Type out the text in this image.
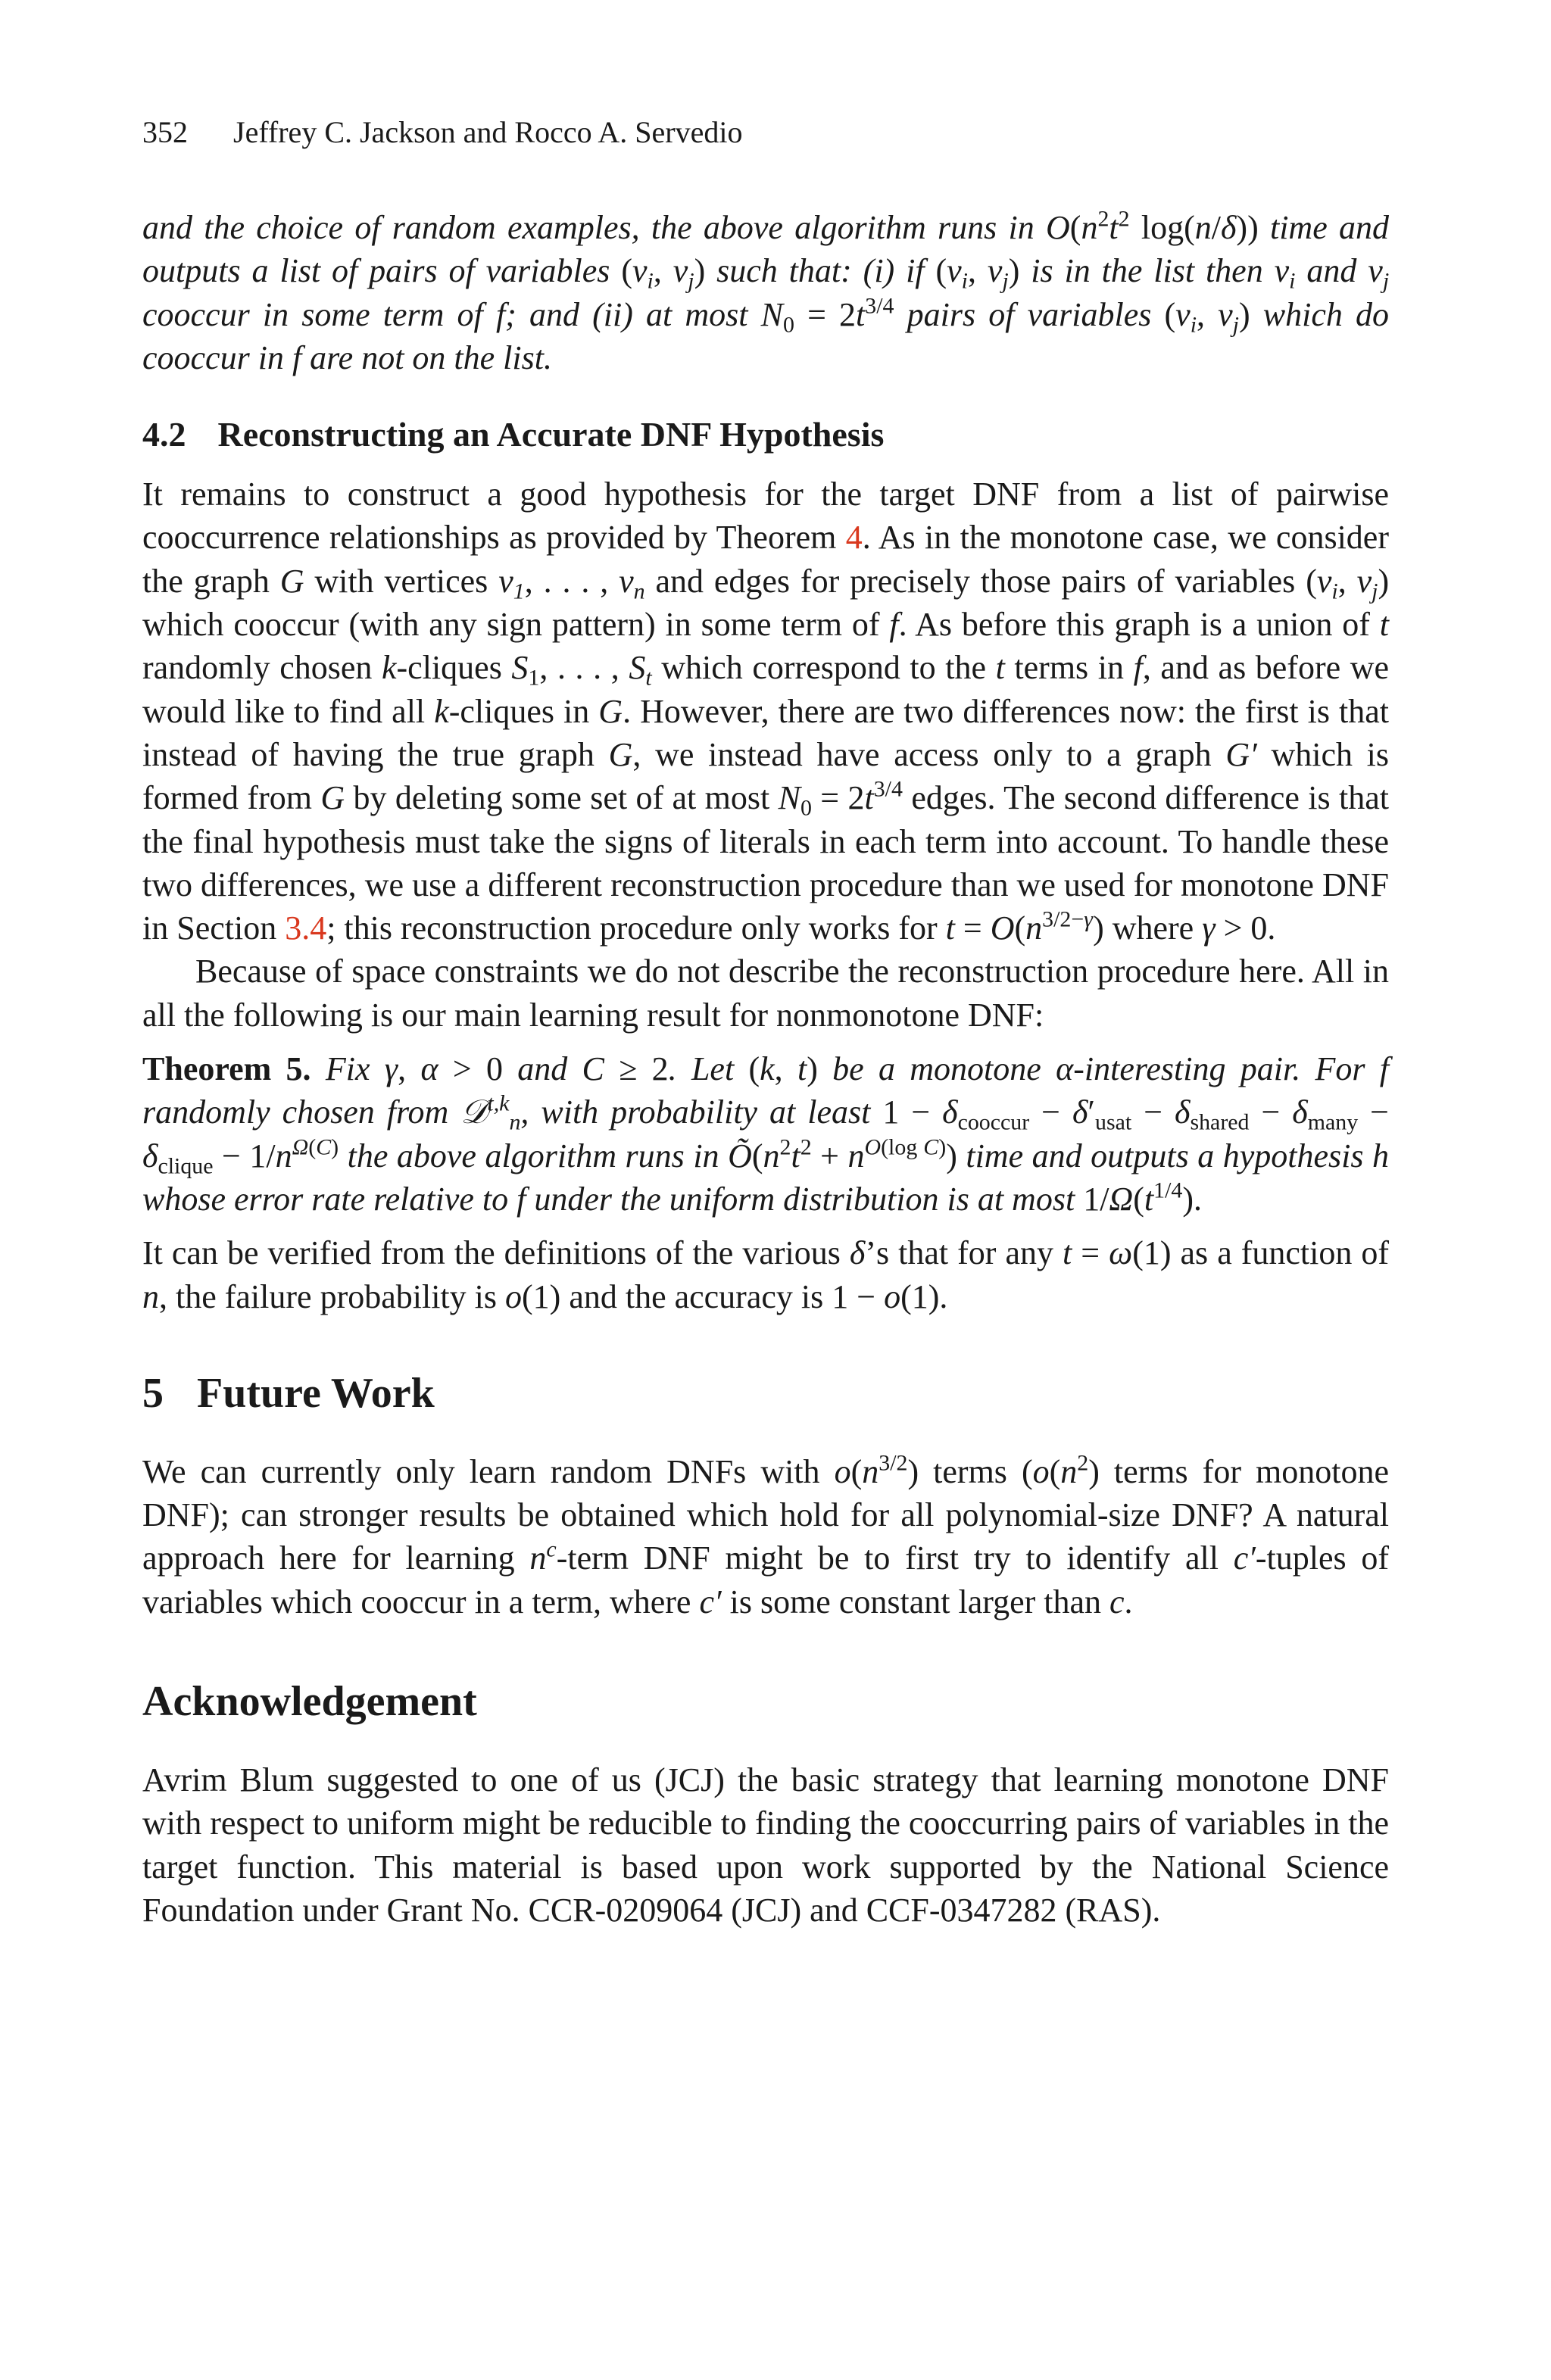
352 Jeffrey C. Jackson and Rocco A. Servedio

and the choice of random examples, the above algorithm runs in $O(n^2t^2$ log(n/δ)) time and outputs a list of pairs of variables ($v_i$, $v_j$) such that: (i) if ($v_i$, $v_j$) is in the list then $v_i$ and $v_j$ cooccur in some term of f; and (ii) at most $N_0 = 2t^{3/4}$ pairs of variables ($v_i$, $v_j$) which do cooccur in f are not on the list.

4.2 Reconstructing an Accurate DNF Hypothesis

It remains to construct a good hypothesis for the target DNF from a list of pairwise cooccurrence relationships as provided by Theorem 4. As in the monotone case, we consider the graph G with vertices $v_1$, . . . , $v_n$ and edges for precisely those pairs of variables ($v_i$, $v_j$) which cooccur (with any sign pattern) in some term of f. As before this graph is a union of t randomly chosen k-cliques $S_1$, . . . , $S_t$ which correspond to the t terms in f, and as before we would like to find all k-cliques in G. However, there are two differences now: the first is that instead of having the true graph G, we instead have access only to a graph G′ which is formed from G by deleting some set of at most $N_0 = 2t^{3/4}$ edges. The second difference is that the final hypothesis must take the signs of literals in each term into account. To handle these two differences, we use a different reconstruction procedure than we used for monotone DNF in Section 3.4; this reconstruction procedure only works for $t = O(n^{3/2-\gamma})$ where γ > 0.

Because of space constraints we do not describe the reconstruction procedure here. All in all the following is our main learning result for nonmonotone DNF:

Theorem 5. Fix γ, α > 0 and C ≥ 2. Let (k, t) be a monotone α-interesting pair. For f randomly chosen from 𝒟$^{t,k}_n$, with probability at least $1 - \delta_{cooccur} - \delta'_{usat} - \delta_{shared} - \delta_{many} - \delta_{clique} - 1/n^{\Omega(C)}$ the above algorithm runs in $Õ(n^2t^2 + n^{O(log C)})$ time and outputs a hypothesis h whose error rate relative to f under the uniform distribution is at most $1/\Omega(t^{1/4})$.

It can be verified from the definitions of the various δ’s that for any t = ω(1) as a function of n, the failure probability is o(1) and the accuracy is 1 − o(1).

5 Future Work

We can currently only learn random DNFs with $o(n^{3/2})$ terms ($o(n^2)$ terms for monotone DNF); can stronger results be obtained which hold for all polynomial-size DNF? A natural approach here for learning $n^c$-term DNF might be to first try to identify all c′-tuples of variables which cooccur in a term, where c′ is some constant larger than c.

Acknowledgement

Avrim Blum suggested to one of us (JCJ) the basic strategy that learning monotone DNF with respect to uniform might be reducible to finding the cooccurring pairs of variables in the target function. This material is based upon work supported by the National Science Foundation under Grant No. CCR-0209064 (JCJ) and CCF-0347282 (RAS).
